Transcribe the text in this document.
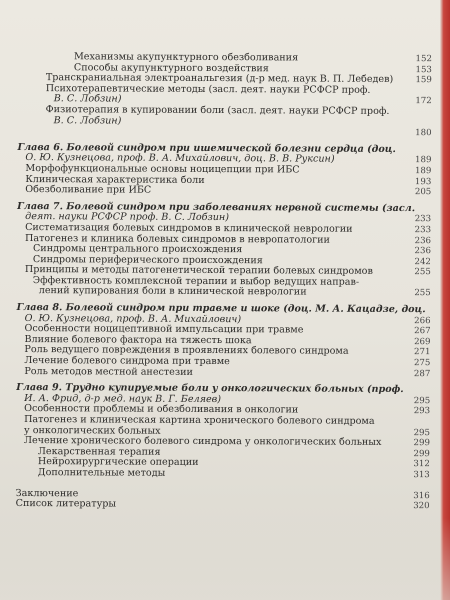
Механизмы акупунктурного обезболивания	152
Способы акупунктурного воздействия	153
Транскраниальная электроанальгезия (д-р мед. наук В. П. Лебедев)	159
Психотерапевтические методы (засл. деят. науки РСФСР проф.
В. С. Лобзин)	172
Физиотерапия в купировании боли (засл. деят. науки РСФСР проф.
В. С. Лобзин)
180
Глава 6. Болевой синдром при ишемической болезни сердца (доц.
О. Ю. Кузнецова, проф. В. А. Михайлович, доц. В. В. Руксин)	189
Морфофункциональные основы ноцицепции при ИБС	189
Клиническая характеристика боли	193
Обезболивание при ИБС	205
Глава 7. Болевой синдром при заболеваниях нервной системы (засл.
деят. науки РСФСР проф. В. С. Лобзин)	233
Систематизация болевых синдромов в клинической неврологии	233
Патогенез и клиника болевых синдромов в невропатологии	236
Синдромы центрального происхождения	236
Синдромы периферического происхождения	242
Принципы и методы патогенетической терапии болевых синдромов	255
Эффективность комплексной терапии и выбор ведущих направ-
лений купирования боли в клинической неврологии	255
Глава 8. Болевой синдром при травме и шоке (доц. М. А. Кацадзе, доц.
О. Ю. Кузнецова, проф. В. А. Михайлович)	266
Особенности ноцицептивной импульсации при травме	267
Влияние болевого фактора на тяжесть шока	269
Роль ведущего повреждения в проявлениях болевого синдрома	271
Лечение болевого синдрома при травме	275
Роль методов местной анестезии	287
Глава 9. Трудно купируемые боли у онкологических больных (проф.
И. А. Фрид, д-р мед. наук В. Г. Беляев)	295
Особенности проблемы и обезболивания в онкологии	293
Патогенез и клиническая картина хронического болевого синдрома
у онкологических больных	295
Лечение хронического болевого синдрома у онкологических больных	299
Лекарственная терапия	299
Нейрохирургические операции	312
Дополнительные методы	313
Заключение	316
Список литературы	320
